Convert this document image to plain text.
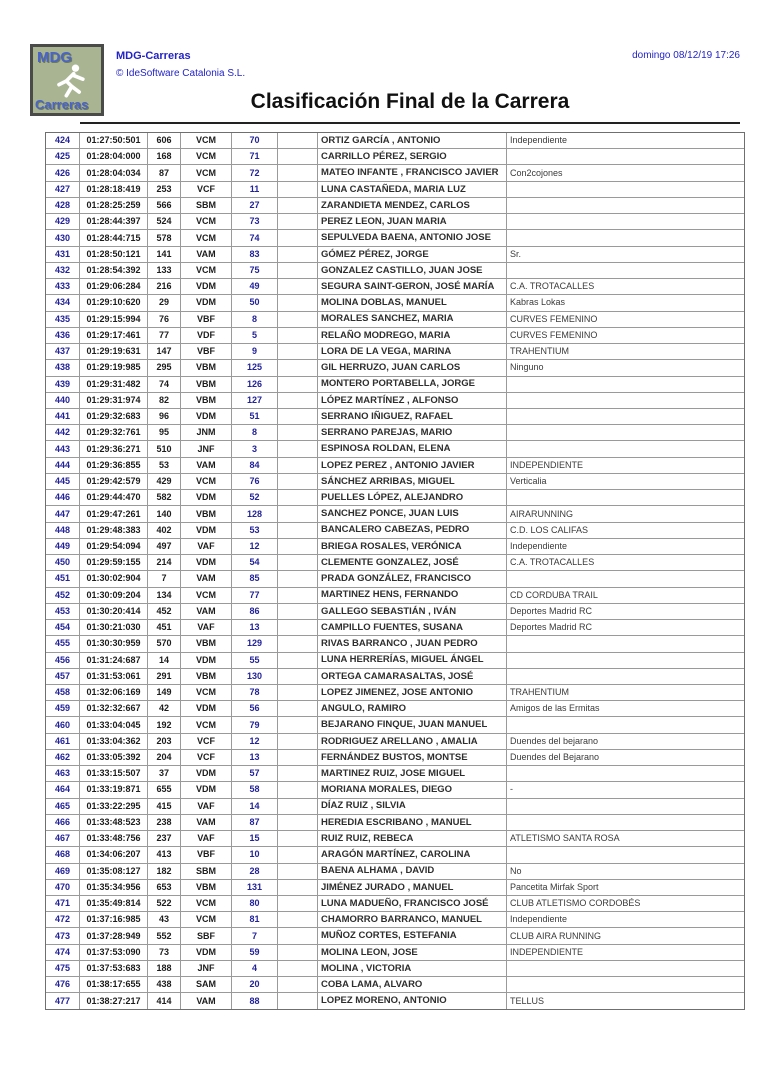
MDG
Carreras
MDG-Carreras
© IdeSoftware Catalonia S.L.
domingo 08/12/19 17:26
Clasificación Final de la Carrera
424	01:27:50:501	606	VCM	70	ORTIZ GARCÍA , ANTONIO	Independiente
425	01:28:04:000	168	VCM	71	CARRILLO PÉREZ, SERGIO
426	01:28:04:034	87	VCM	72	MATEO INFANTE , FRANCISCO JAVIER	Con2cojones
427	01:28:18:419	253	VCF	11	LUNA CASTAÑEDA, MARIA LUZ
428	01:28:25:259	566	SBM	27	ZARANDIETA MENDEZ, CARLOS
429	01:28:44:397	524	VCM	73	PEREZ LEON, JUAN MARIA
430	01:28:44:715	578	VCM	74	SEPULVEDA BAENA, ANTONIO JOSE
431	01:28:50:121	141	VAM	83	GÓMEZ PÉREZ, JORGE	Sr.
432	01:28:54:392	133	VCM	75	GONZALEZ CASTILLO, JUAN JOSE
433	01:29:06:284	216	VDM	49	SEGURA SAINT-GERON, JOSÉ MARÍA	C.A. TROTACALLES
434	01:29:10:620	29	VDM	50	MOLINA DOBLAS, MANUEL	Kabras Lokas
435	01:29:15:994	76	VBF	8	MORALES SANCHEZ, MARIA	CURVES FEMENINO
436	01:29:17:461	77	VDF	5	RELAÑO MODREGO, MARIA	CURVES FEMENINO
437	01:29:19:631	147	VBF	9	LORA DE LA VEGA, MARINA	TRAHENTIUM
438	01:29:19:985	295	VBM	125	GIL HERRUZO, JUAN CARLOS	Ninguno
439	01:29:31:482	74	VBM	126	MONTERO PORTABELLA, JORGE
440	01:29:31:974	82	VBM	127	LÓPEZ MARTÍNEZ , ALFONSO
441	01:29:32:683	96	VDM	51	SERRANO IÑIGUEZ, RAFAEL
442	01:29:32:761	95	JNM	8	SERRANO PAREJAS, MARIO
443	01:29:36:271	510	JNF	3	ESPINOSA ROLDAN, ELENA
444	01:29:36:855	53	VAM	84	LOPEZ PEREZ , ANTONIO JAVIER	INDEPENDIENTE
445	01:29:42:579	429	VCM	76	SÁNCHEZ ARRIBAS, MIGUEL	Verticalia
446	01:29:44:470	582	VDM	52	PUELLES LÓPEZ, ALEJANDRO
447	01:29:47:261	140	VBM	128	SANCHEZ PONCE, JUAN LUIS	AIRARUNNING
448	01:29:48:383	402	VDM	53	BANCALERO CABEZAS, PEDRO	C.D. LOS CALIFAS
449	01:29:54:094	497	VAF	12	BRIEGA ROSALES, VERÓNICA	Independiente
450	01:29:59:155	214	VDM	54	CLEMENTE GONZALEZ, JOSÉ	C.A. TROTACALLES
451	01:30:02:904	7	VAM	85	PRADA GONZÁLEZ, FRANCISCO
452	01:30:09:204	134	VCM	77	MARTINEZ HENS, FERNANDO	CD CORDUBA TRAIL
453	01:30:20:414	452	VAM	86	GALLEGO SEBASTIÁN , IVÁN	Deportes Madrid RC
454	01:30:21:030	451	VAF	13	CAMPILLO FUENTES, SUSANA	Deportes Madrid RC
455	01:30:30:959	570	VBM	129	RIVAS BARRANCO , JUAN PEDRO
456	01:31:24:687	14	VDM	55	LUNA HERRERÍAS, MIGUEL ÁNGEL
457	01:31:53:061	291	VBM	130	ORTEGA CAMARASALTAS, JOSÉ
458	01:32:06:169	149	VCM	78	LOPEZ JIMENEZ, JOSE ANTONIO	TRAHENTIUM
459	01:32:32:667	42	VDM	56	ANGULO, RAMIRO	Amigos de las Ermitas
460	01:33:04:045	192	VCM	79	BEJARANO FINQUE, JUAN MANUEL
461	01:33:04:362	203	VCF	12	RODRIGUEZ ARELLANO , AMALIA	Duendes del bejarano
462	01:33:05:392	204	VCF	13	FERNÁNDEZ BUSTOS, MONTSE	Duendes del Bejarano
463	01:33:15:507	37	VDM	57	MARTINEZ RUIZ, JOSE MIGUEL
464	01:33:19:871	655	VDM	58	MORIANA MORALES, DIEGO	-
465	01:33:22:295	415	VAF	14	DÍAZ RUIZ , SILVIA
466	01:33:48:523	238	VAM	87	HEREDIA ESCRIBANO , MANUEL
467	01:33:48:756	237	VAF	15	RUIZ RUIZ, REBECA	ATLETISMO SANTA ROSA
468	01:34:06:207	413	VBF	10	ARAGÓN MARTÍNEZ, CAROLINA
469	01:35:08:127	182	SBM	28	BAENA ALHAMA , DAVID	No
470	01:35:34:956	653	VBM	131	JIMÉNEZ JURADO , MANUEL	Pancetita Mirfak Sport
471	01:35:49:814	522	VCM	80	LUNA MADUEÑO, FRANCISCO JOSÉ	CLUB ATLETISMO CORDOBÉS
472	01:37:16:985	43	VCM	81	CHAMORRO BARRANCO, MANUEL	Independiente
473	01:37:28:949	552	SBF	7	MUÑOZ CORTES, ESTEFANIA	CLUB AIRA RUNNING
474	01:37:53:090	73	VDM	59	MOLINA LEON, JOSE	INDEPENDIENTE
475	01:37:53:683	188	JNF	4	MOLINA , VICTORIA
476	01:38:17:655	438	SAM	20	COBA LAMA, ALVARO
477	01:38:27:217	414	VAM	88	LOPEZ MORENO, ANTONIO	TELLUS
